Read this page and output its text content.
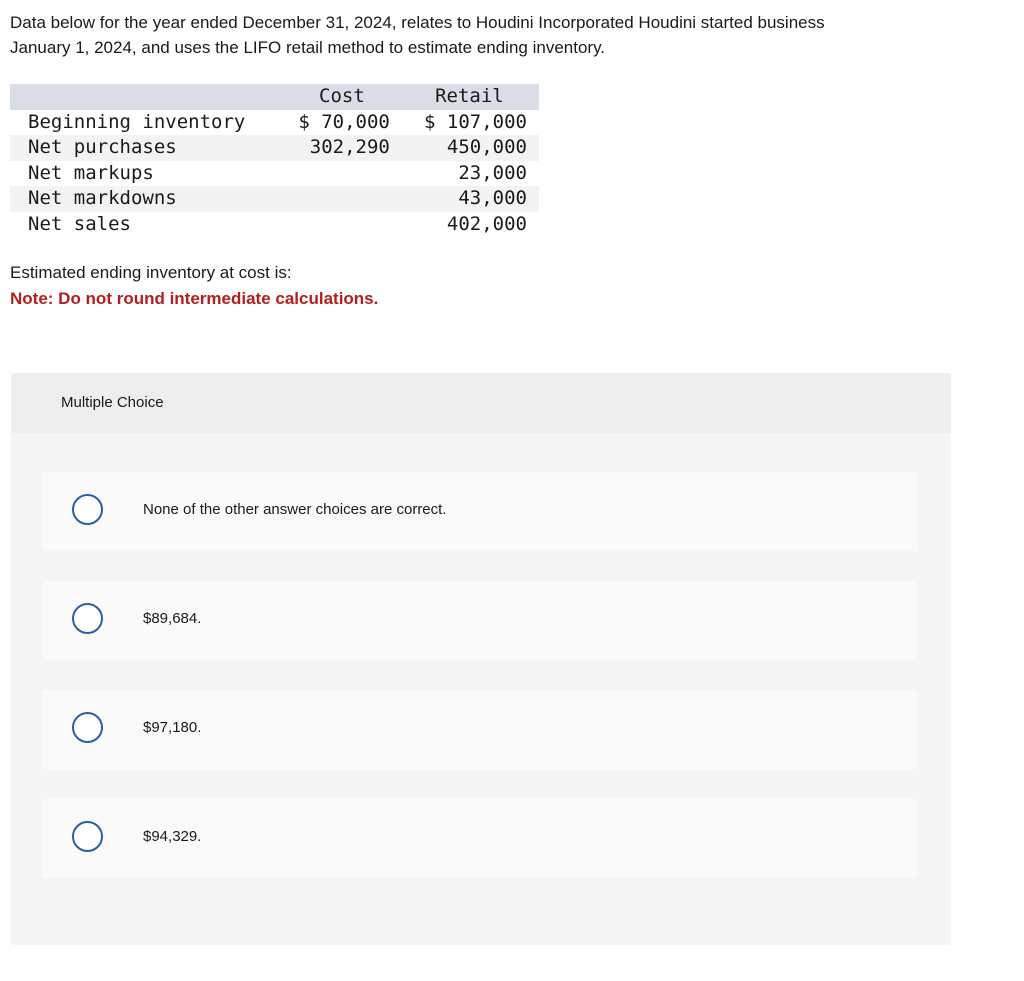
Data below for the year ended December 31, 2024, relates to Houdini Incorporated Houdini started business
January 1, 2024, and uses the LIFO retail method to estimate ending inventory.
	Cost	Retail
Beginning inventory	$ 70,000	$ 107,000
Net purchases	302,290	450,000
Net markups		23,000
Net markdowns		43,000
Net sales		402,000
Estimated ending inventory at cost is:
Note: Do not round intermediate calculations.
Multiple Choice
None of the other answer choices are correct.
$89,684.
$97,180.
$94,329.
